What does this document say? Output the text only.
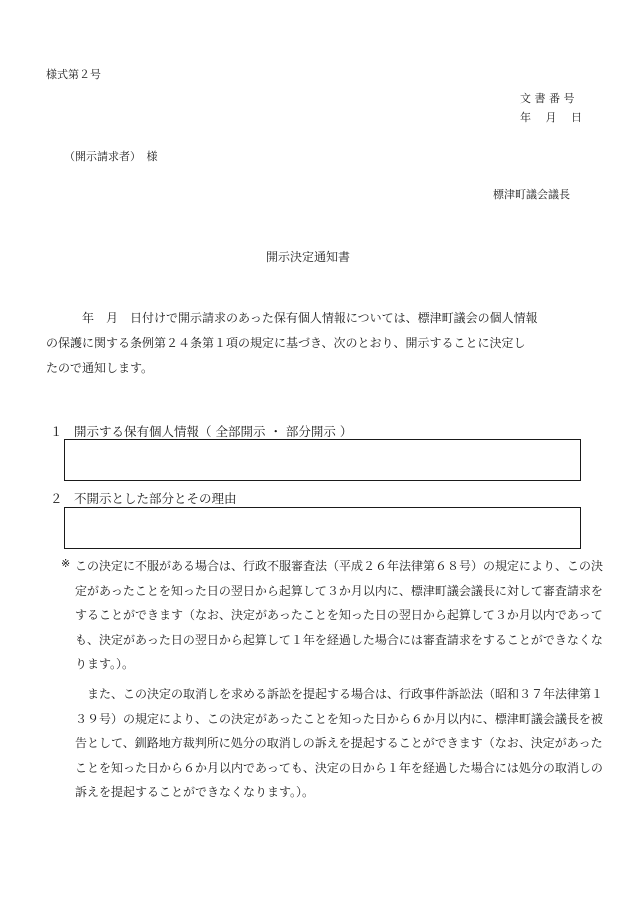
様式第２号
文 書 番 号
年　 月 　日
（開示請求者）　様
標津町議会議長
開示決定通知書
　　　年　月　日付けで開示請求のあった保有個人情報については、標津町議会の個人情報
の保護に関する条例第２４条第１項の規定に基づき、次のとおり、開示することに決定し
たので通知します。
１ 開示する保有個人情報（ 全部開示 ・ 部分開示 ）
２ 不開示とした部分とその理由
※ この決定に不服がある場合は、行政不服審査法（平成２６年法律第６８号）の規定により、この決
定があったことを知った日の翌日から起算して３か月以内に、標津町議会議長に対して審査請求を
することができます（なお、決定があったことを知った日の翌日から起算して３か月以内であって
も、決定があった日の翌日から起算して１年を経過した場合には審査請求をすることができなくな
ります。）。
　また、この決定の取消しを求める訴訟を提起する場合は、行政事件訴訟法（昭和３７年法律第１
３９号）の規定により、この決定があったことを知った日から６か月以内に、標津町議会議長を被
告として、釧路地方裁判所に処分の取消しの訴えを提起することができます（なお、決定があった
ことを知った日から６か月以内であっても、決定の日から１年を経過した場合には処分の取消しの
訴えを提起することができなくなります。）。
